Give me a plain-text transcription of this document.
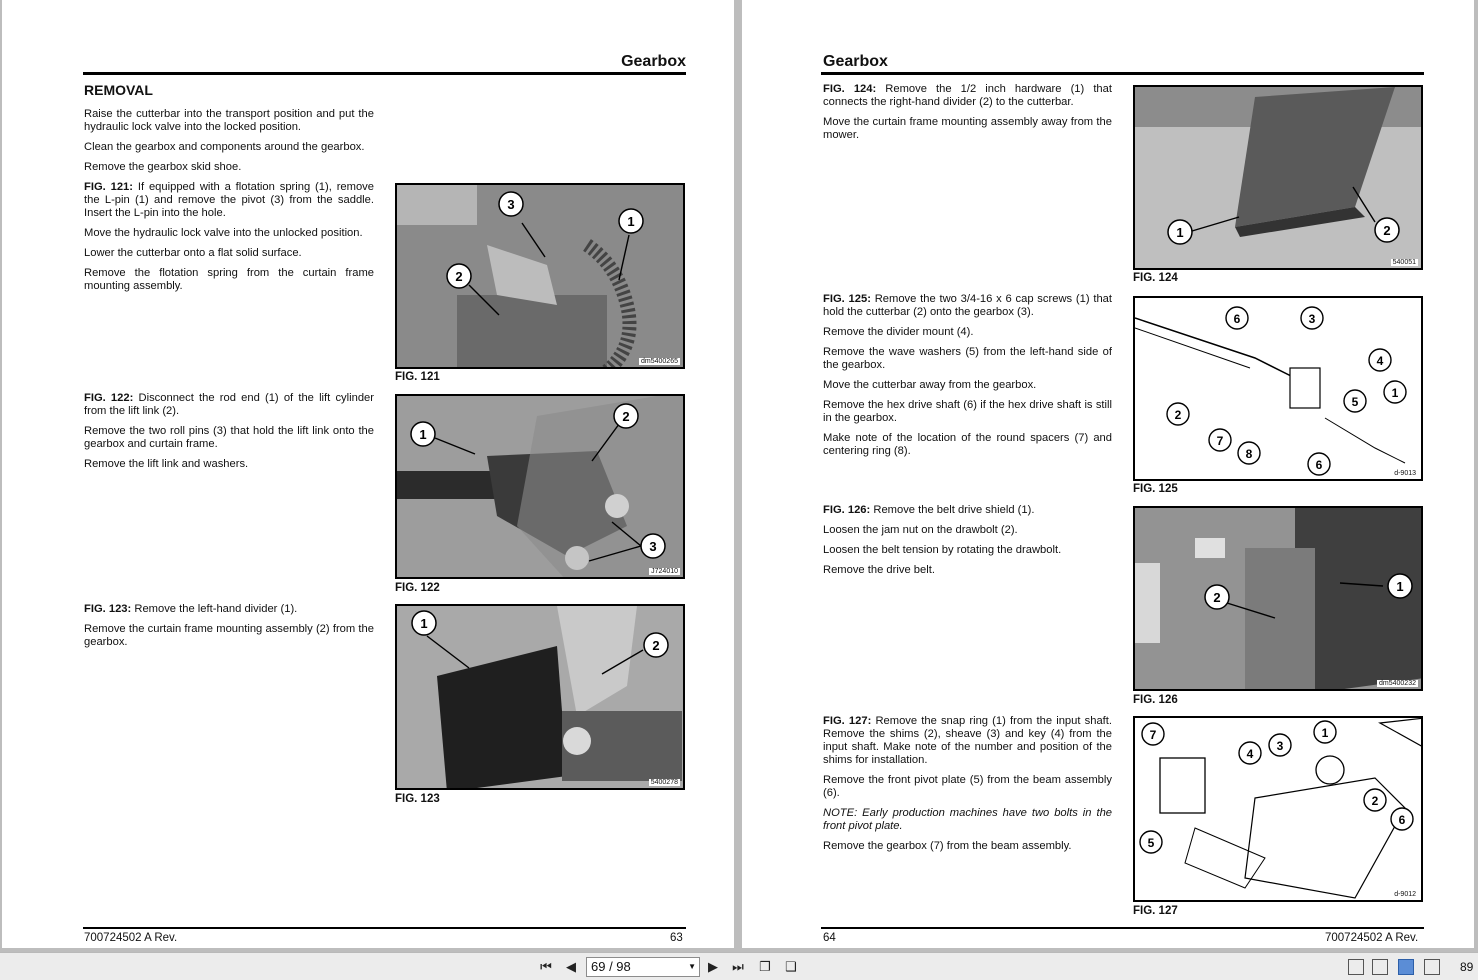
Gearbox
REMOVAL

Raise the cutterbar into the transport position and put the hydraulic lock valve into the locked position.

Clean the gearbox and components around the gearbox.

Remove the gearbox skid shoe.

FIG. 121: If equipped with a flotation spring (1), remove the L-pin (1) and remove the pivot (3) from the saddle. Insert the L-pin into the hole.

Move the hydraulic lock valve into the unlocked position.

Lower the cutterbar onto a flat solid surface.

Remove the flotation spring from the curtain frame mounting assembly.

FIG. 122: Disconnect the rod end (1) of the lift cylinder from the lift link (2).

Remove the two roll pins (3) that hold the lift link onto the gearbox and curtain frame.

Remove the lift link and washers.

FIG. 123: Remove the left-hand divider (1).

Remove the curtain frame mounting assembly (2) from the gearbox.

3
1
2
dm5400265
FIG. 121
1
2
3
J724010
FIG. 122
1
2
5400278
FIG. 123
700724502 A Rev.	63
Gearbox

FIG. 124: Remove the 1/2 inch hardware (1) that connects the right-hand divider (2) to the cutterbar.

Move the curtain frame mounting assembly away from the mower.

FIG. 125: Remove the two 3/4-16 x 6 cap screws (1) that hold the cutterbar (2) onto the gearbox (3).

Remove the divider mount (4).

Remove the wave washers (5) from the left-hand side of the gearbox.

Move the cutterbar away from the gearbox.

Remove the hex drive shaft (6) if the hex drive shaft is still in the gearbox.

Make note of the location of the round spacers (7) and centering ring (8).

FIG. 126: Remove the belt drive shield (1).

Loosen the jam nut on the drawbolt (2).

Loosen the belt tension by rotating the drawbolt.

Remove the drive belt.

FIG. 127: Remove the snap ring (1) from the input shaft. Remove the shims (2), sheave (3) and key (4) from the input shaft. Make note of the number and position of the shims for installation.

Remove the front pivot plate (5) from the beam assembly (6).

NOTE: Early production machines have two bolts in the front pivot plate.

Remove the gearbox (7) from the beam assembly.

1	2
540051
FIG. 124
6	3
4
1
5
2
7
8
6
d-9013
FIG. 125
1
2
dm5400232
FIG. 126
7
3
1
4
2
6
5
d-9012
FIG. 127
64	700724502 A Rev.
⏮	◀	69 / 98	▼ ▶	⏭ ❐ ❑	89
